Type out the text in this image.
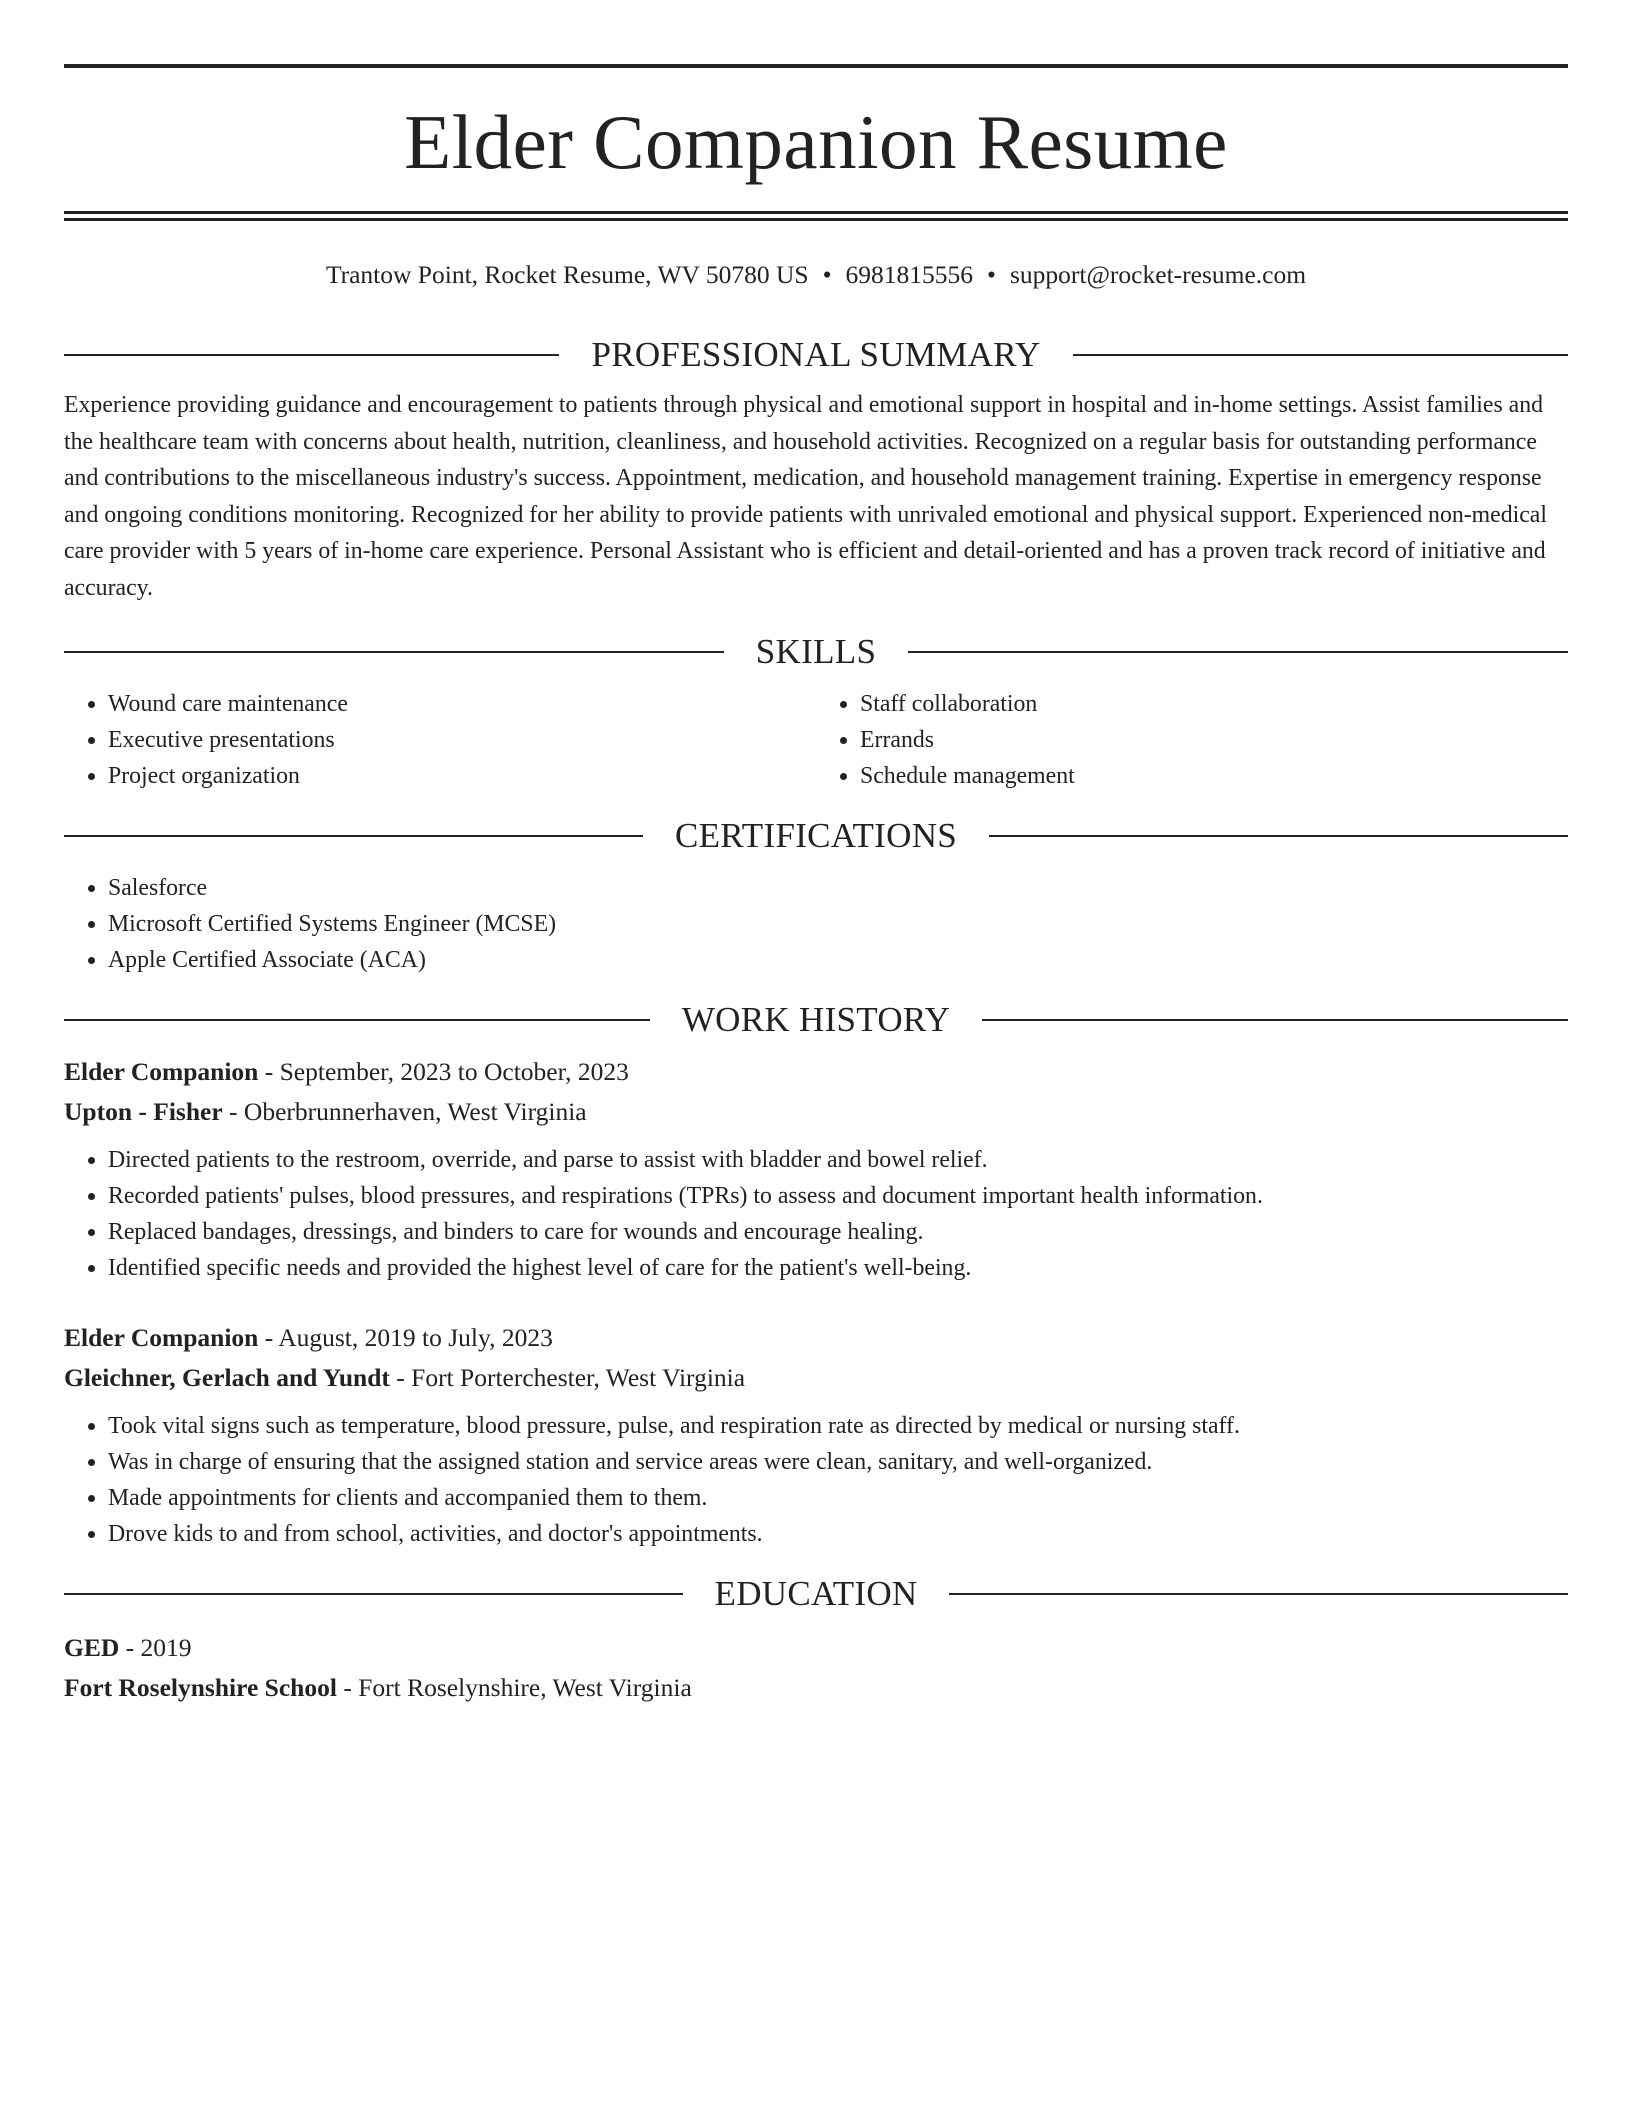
Elder Companion Resume
Trantow Point, Rocket Resume, WV 50780 US • 6981815556 • support@rocket-resume.com
PROFESSIONAL SUMMARY

Experience providing guidance and encouragement to patients through physical and emotional support in hospital and in-home settings. Assist families and the healthcare team with concerns about health, nutrition, cleanliness, and household activities. Recognized on a regular basis for outstanding performance and contributions to the miscellaneous industry's success. Appointment, medication, and household management training. Expertise in emergency response and ongoing conditions monitoring. Recognized for her ability to provide patients with unrivaled emotional and physical support. Experienced non-medical care provider with 5 years of in-home care experience. Personal Assistant who is efficient and detail-oriented and has a proven track record of initiative and accuracy.

SKILLS
• Wound care maintenance
• Executive presentations
• Project organization
• Staff collaboration
• Errands
• Schedule management
CERTIFICATIONS
• Salesforce
• Microsoft Certified Systems Engineer (MCSE)
• Apple Certified Associate (ACA)
WORK HISTORY
Elder Companion - September, 2023 to October, 2023
Upton - Fisher - Oberbrunnerhaven, West Virginia
• Directed patients to the restroom, override, and parse to assist with bladder and bowel relief.
• Recorded patients' pulses, blood pressures, and respirations (TPRs) to assess and document important health information.
• Replaced bandages, dressings, and binders to care for wounds and encourage healing.
• Identified specific needs and provided the highest level of care for the patient's well-being.
Elder Companion - August, 2019 to July, 2023
Gleichner, Gerlach and Yundt - Fort Porterchester, West Virginia
• Took vital signs such as temperature, blood pressure, pulse, and respiration rate as directed by medical or nursing staff.
• Was in charge of ensuring that the assigned station and service areas were clean, sanitary, and well-organized.
• Made appointments for clients and accompanied them to them.
• Drove kids to and from school, activities, and doctor's appointments.
EDUCATION
GED - 2019
Fort Roselynshire School - Fort Roselynshire, West Virginia
